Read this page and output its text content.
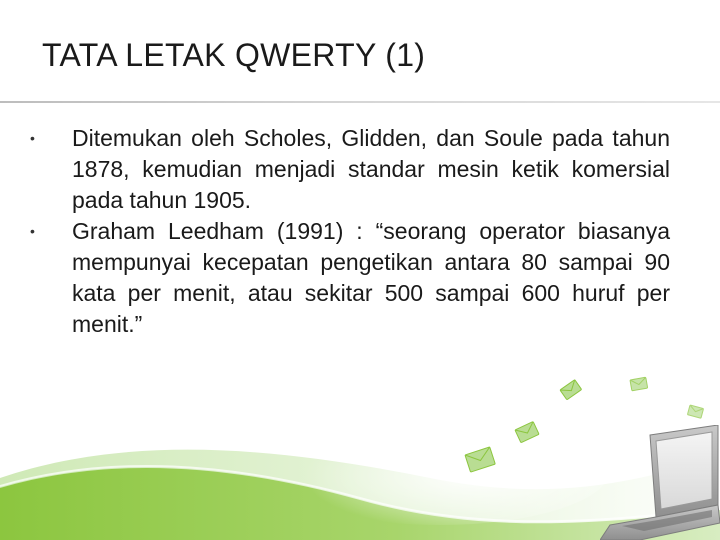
TATA LETAK QWERTY (1)
•	Ditemukan oleh Scholes, Glidden, dan Soule pada tahun 1878, kemudian menjadi standar mesin ketik komersial pada tahun 1905.
•	Graham Leedham (1991) : “seorang operator biasanya mempunyai kecepatan pengetikan antara 80 sampai 90 kata per menit, atau sekitar 500 sampai 600 huruf per menit.”
